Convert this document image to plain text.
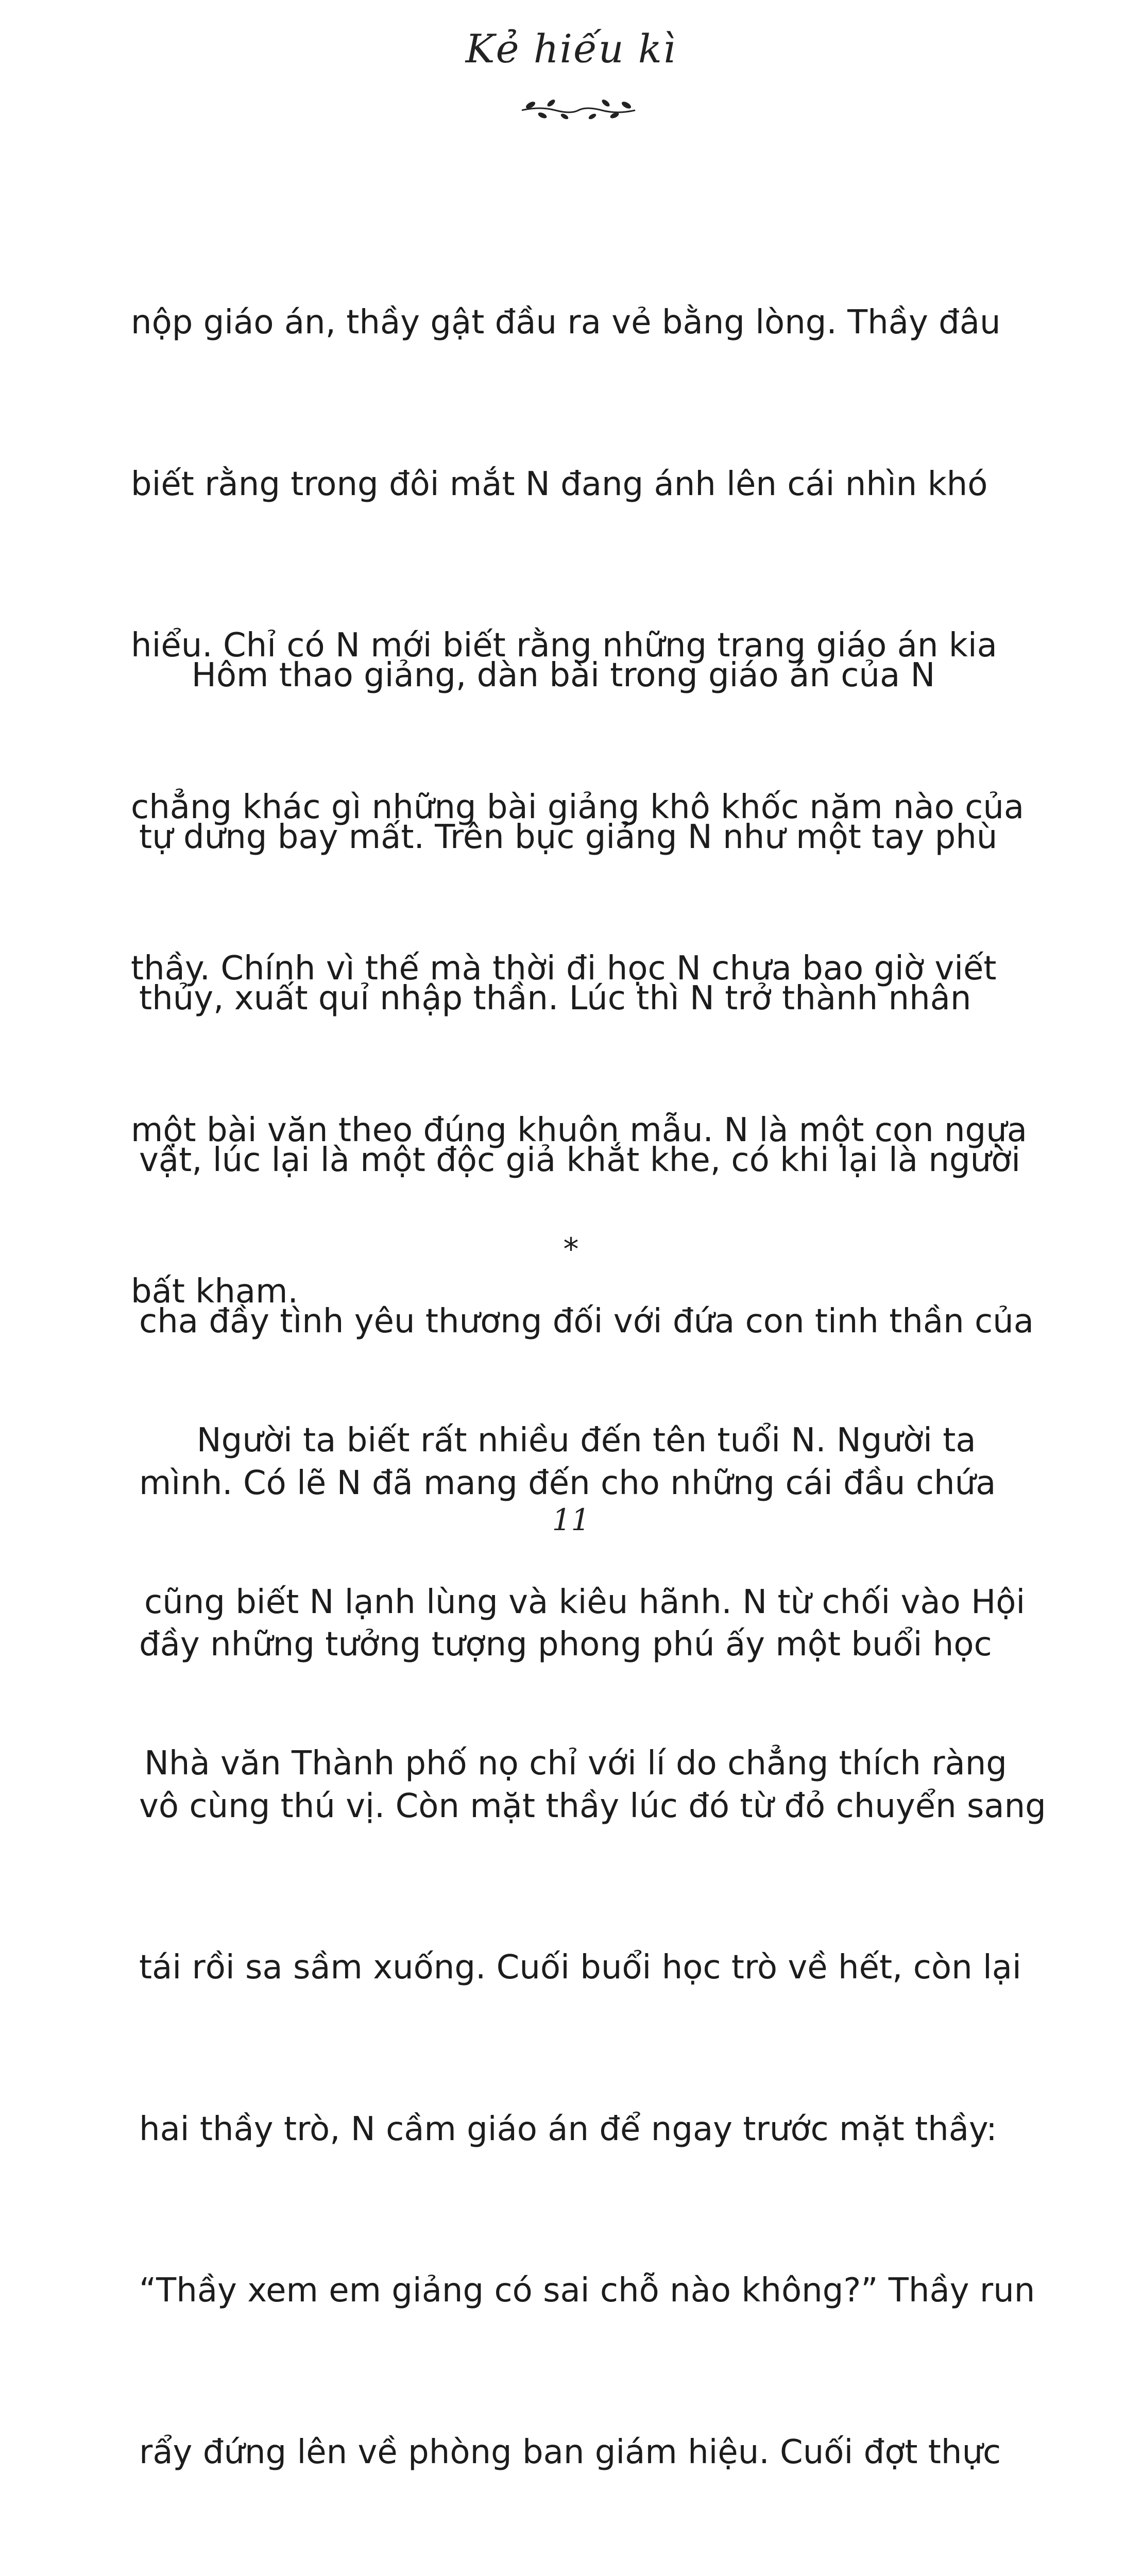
Kẻ hiếu kì

nộp giáo án, thầy gật đầu ra vẻ bằng lòng. Thầy đâu

biết rằng trong đôi mắt N đang ánh lên cái nhìn khó

hiểu. Chỉ có N mới biết rằng những trang giáo án kia

chẳng khác gì những bài giảng khô khốc năm nào của

thầy. Chính vì thế mà thời đi học N chưa bao giờ viết

một bài văn theo đúng khuôn mẫu. N là một con ngựa

bất kham.

Hôm thao giảng, dàn bài trong giáo án của N

tự dưng bay mất. Trên bục giảng N như một tay phù

thủy, xuất quỉ nhập thần. Lúc thì N trở thành nhân

vật, lúc lại là một độc giả khắt khe, có khi lại là người

cha đầy tình yêu thương đối với đứa con tinh thần của

mình. Có lẽ N đã mang đến cho những cái đầu chứa

đầy những tưởng tượng phong phú ấy một buổi học

vô cùng thú vị. Còn mặt thầy lúc đó từ đỏ chuyển sang

tái rồi sa sầm xuống. Cuối buổi học trò về hết, còn lại

hai thầy trò, N cầm giáo án để ngay trước mặt thầy:

“Thầy xem em giảng có sai chỗ nào không?” Thầy run

rẩy đứng lên về phòng ban giám hiệu. Cuối đợt thực

*

Người ta biết rất nhiều đến tên tuổi N. Người ta

cũng biết N lạnh lùng và kiêu hãnh. N từ chối vào Hội

Nhà văn Thành phố nọ chỉ với lí do chẳng thích ràng

11
